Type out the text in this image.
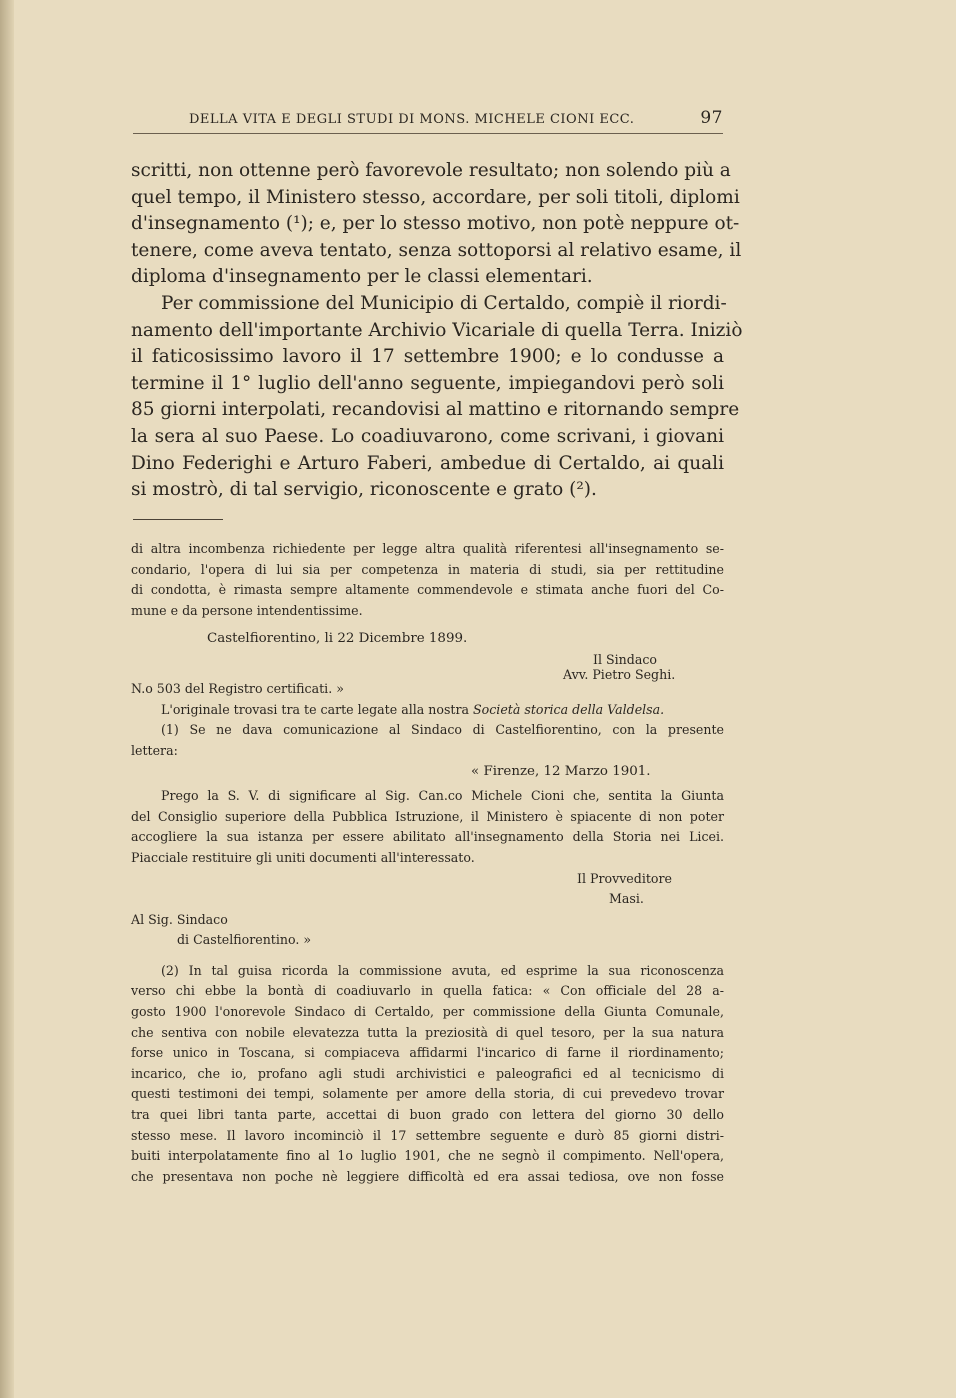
DELLA VITA E DEGLI STUDI DI MONS. MICHELE CIONI ECC.	97
scritti, non ottenne però favorevole resultato; non solendo più a
quel tempo, il Ministero stesso, accordare, per soli titoli, diplomi
d'insegnamento (¹); e, per lo stesso motivo, non potè neppure ot-
tenere, come aveva tentato, senza sottoporsi al relativo esame, il
diploma d'insegnamento per le classi elementari.
Per commissione del Municipio di Certaldo, compiè il riordi-
namento dell'importante Archivio Vicariale di quella Terra. Iniziò
il faticosissimo lavoro il 17 settembre 1900; e lo condusse a
termine il 1° luglio dell'anno seguente, impiegandovi però soli
85 giorni interpolati, recandovisi al mattino e ritornando sempre
la sera al suo Paese. Lo coadiuvarono, come scrivani, i giovani
Dino Federighi e Arturo Faberi, ambedue di Certaldo, ai quali
si mostrò, di tal servigio, riconoscente e grato (²).
di altra incombenza richiedente per legge altra qualità riferentesi all'insegnamento se-
condario, l'opera di lui sia per competenza in materia di studi, sia per rettitudine
di condotta, è rimasta sempre altamente commendevole e stimata anche fuori del Co-
mune e da persone intendentissime.
Castelfiorentino, li 22 Dicembre 1899.
Il Sindaco
Avv. Pietro Seghi.
N.o 503 del Registro certificati. »
L'originale trovasi tra te carte legate alla nostra Società storica della Valdelsa.
(1) Se ne dava comunicazione al Sindaco di Castelfiorentino, con la presente
lettera:
« Firenze, 12 Marzo 1901.
Prego la S. V. di significare al Sig. Can.co Michele Cioni che, sentita la Giunta
del Consiglio superiore della Pubblica Istruzione, il Ministero è spiacente di non poter
accogliere la sua istanza per essere abilitato all'insegnamento della Storia nei Licei.
Piacciale restituire gli uniti documenti all'interessato.
Il Provveditore
Masi.
Al Sig. Sindaco
di Castelfiorentino. »
(2) In tal guisa ricorda la commissione avuta, ed esprime la sua riconoscenza
verso chi ebbe la bontà di coadiuvarlo in quella fatica: « Con officiale del 28 a-
gosto 1900 l'onorevole Sindaco di Certaldo, per commissione della Giunta Comunale,
che sentiva con nobile elevatezza tutta la preziosità di quel tesoro, per la sua natura
forse unico in Toscana, si compiaceva affidarmi l'incarico di farne il riordinamento;
incarico, che io, profano agli studi archivistici e paleografici ed al tecnicismo di
questi testimoni dei tempi, solamente per amore della storia, di cui prevedevo trovar
tra quei libri tanta parte, accettai di buon grado con lettera del giorno 30 dello
stesso mese. Il lavoro incominciò il 17 settembre seguente e durò 85 giorni distri-
buiti interpolatamente fino al 1o luglio 1901, che ne segnò il compimento. Nell'opera,
che presentava non poche nè leggiere difficoltà ed era assai tediosa, ove non fosse
